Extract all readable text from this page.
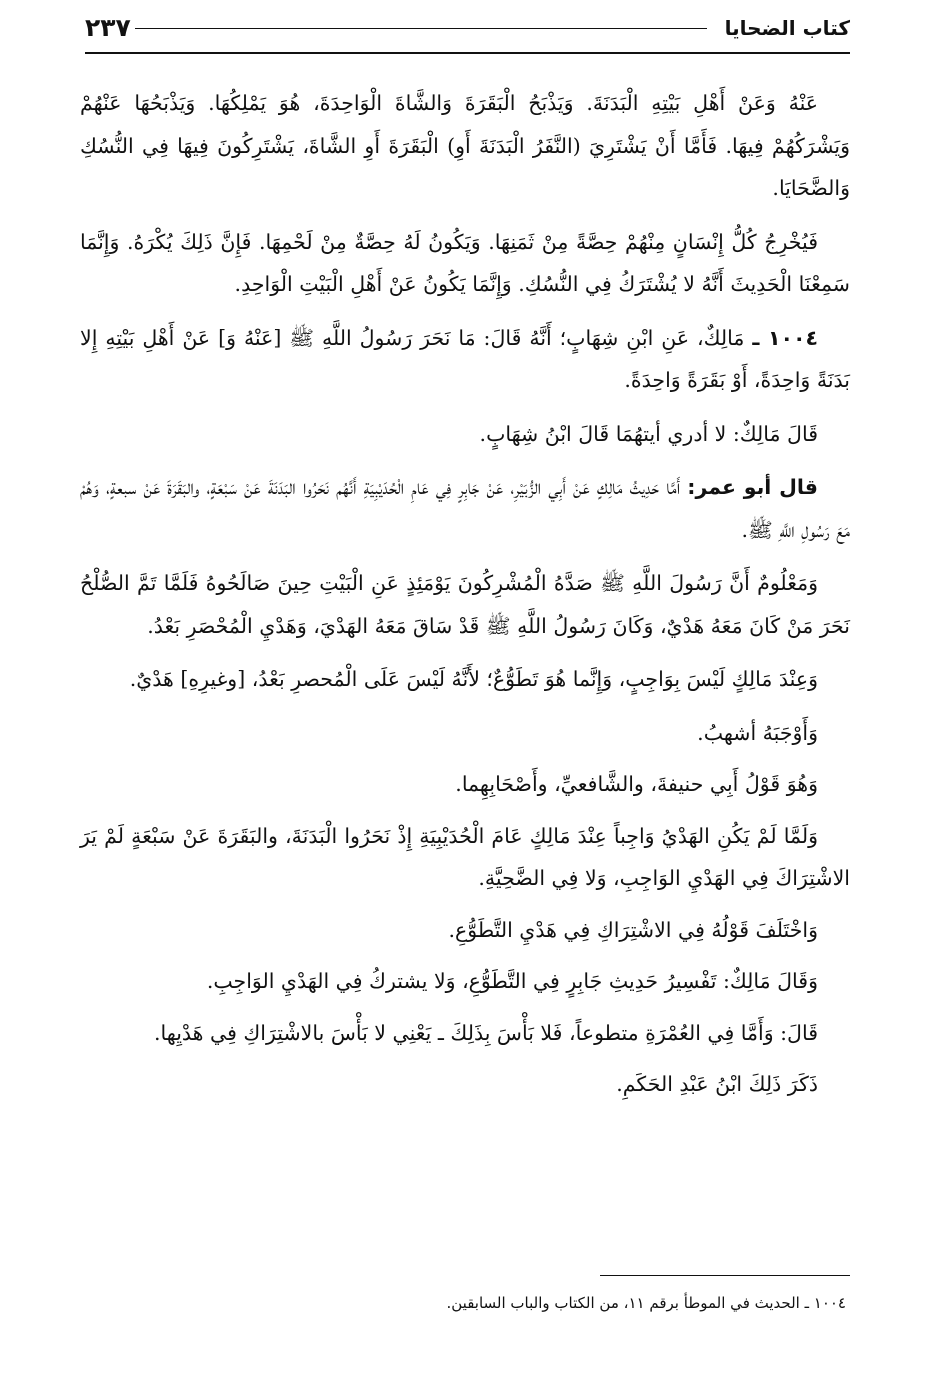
كتاب الضحايا
٢٣٧

عَنْهُ وَعَنْ أَهْلِ بَيْتِهِ الْبَدَنَةَ. وَيَذْبَحُ الْبَقَرَةَ وَالشَّاةَ الْوَاحِدَةَ، هُوَ يَمْلِكُهَا. وَيَذْبَحُهَا عَنْهُمْ وَيَشْرَكُهُمْ فِيهَا. فَأَمَّا أَنْ يَشْتَرِيَ (النَّفَرُ الْبَدَنَةَ أَوِ) الْبَقَرَةَ أَوِ الشَّاةَ، يَشْتَرِكُونَ فِيهَا فِي النُّسُكِ وَالضَّحَايَا.

فَيُخْرِجُ كُلُّ إِنْسَانٍ مِنْهُمْ حِصَّةً مِنْ ثَمَنِهَا. وَيَكُونُ لَهُ حِصَّةٌ مِنْ لَحْمِهَا. فَإِنَّ ذَلِكَ يُكْرَهُ. وَإِنَّمَا سَمِعْنَا الْحَدِيثَ أَنَّهُ لا يُشْتَرَكُ فِي النُّسُكِ. وَإِنَّمَا يَكُونُ عَنْ أَهْلِ الْبَيْتِ الْوَاحِدِ.

١٠٠٤ ـ مَالِكٌ، عَنِ ابْنِ شِهَابٍ؛ أَنَّهُ قَالَ: مَا نَحَرَ رَسُولُ اللَّهِ ﷺ [عَنْهُ وَ] عَنْ أَهْلِ بَيْتِهِ إِلا بَدَنَةً وَاحِدَةً، أَوْ بَقَرَةً وَاحِدَةً.

قَالَ مَالِكٌ: لا أدري أيتهُمَا قَالَ ابْنُ شِهَابٍ.

قال أبو عمر: أَمَّا حَدِيثُ مَالِكٍ عَنْ أَبِي الزُّبَيْرِ، عَنْ جَابِرٍ فِي عَامِ الْحُدَيْبِيَةِ أَنَّهُم نَحَرُوا البَدَنَةَ عَنْ سَبْعَةٍ، والبَقَرَةَ عَنْ سبعةٍ، وَهُمْ مَعَ رَسُولِ اللَّهِ ﷺ.

وَمَعْلُومٌ أَنَّ رَسُولَ اللَّهِ ﷺ صَدَّهُ الْمُشْرِكُونَ يَوْمَئِذٍ عَنِ الْبَيْتِ حِينَ صَالَحُوهُ فَلَمَّا تَمَّ الصُّلْحُ نَحَرَ مَنْ كَانَ مَعَهُ هَدْيٌ، وَكَانَ رَسُولُ اللَّهِ ﷺ قَدْ سَاقَ مَعَهُ الهَدْيَ، وَهَدْيِ الْمُحْصَرِ بَعْدُ.

وَعِنْدَ مَالِكٍ لَيْسَ بِوَاجِبٍ، وَإِنَّما هُوَ تَطَوُّعٌ؛ لأَنَّهُ لَيْسَ عَلَى الْمُحصرِ بَعْدُ، [وغيرِهِ] هَدْيٌ.

وَأَوْجَبَهُ أشهبُ.

وَهُوَ قَوْلُ أَبِي حنيفةَ، والشَّافعيِّ، وأَصْحَابِهِما.

وَلَمَّا لَمْ يَكُنِ الهَدْيُ وَاجِباً عِنْدَ مَالِكٍ عَامَ الْحُدَيْبِيَةِ إِذْ نَحَرُوا الْبَدَنَةَ، والبَقَرَةَ عَنْ سَبْعَةٍ لَمْ يَرَ الاشْتِرَاكَ فِي الهَدْيِ الوَاجِبِ، وَلا فِي الضَّحِيَّةِ.

وَاخْتَلَفَ قَوْلُهُ فِي الاشْتِرَاكِ فِي هَدْيِ التَّطَوُّعِ.

وَقَالَ مَالِكٌ: تَفْسِيرُ حَدِيثِ جَابِرٍ فِي التَّطَوُّعِ، وَلا يشتركُ فِي الهَدْيِ الوَاجِبِ.

قَالَ: وَأَمَّا فِي العُمْرَةِ متطوعاً، فَلا بَأْسَ بِذَلِكَ ـ يَعْنِي لا بَأْسَ بالاشْتِرَاكِ فِي هَدْيِها.

ذَكَرَ ذَلِكَ ابْنُ عَبْدِ الحَكَمِ.

١٠٠٤ ـ الحديث في الموطأ برقم ١١، من الكتاب والباب السابقين.
